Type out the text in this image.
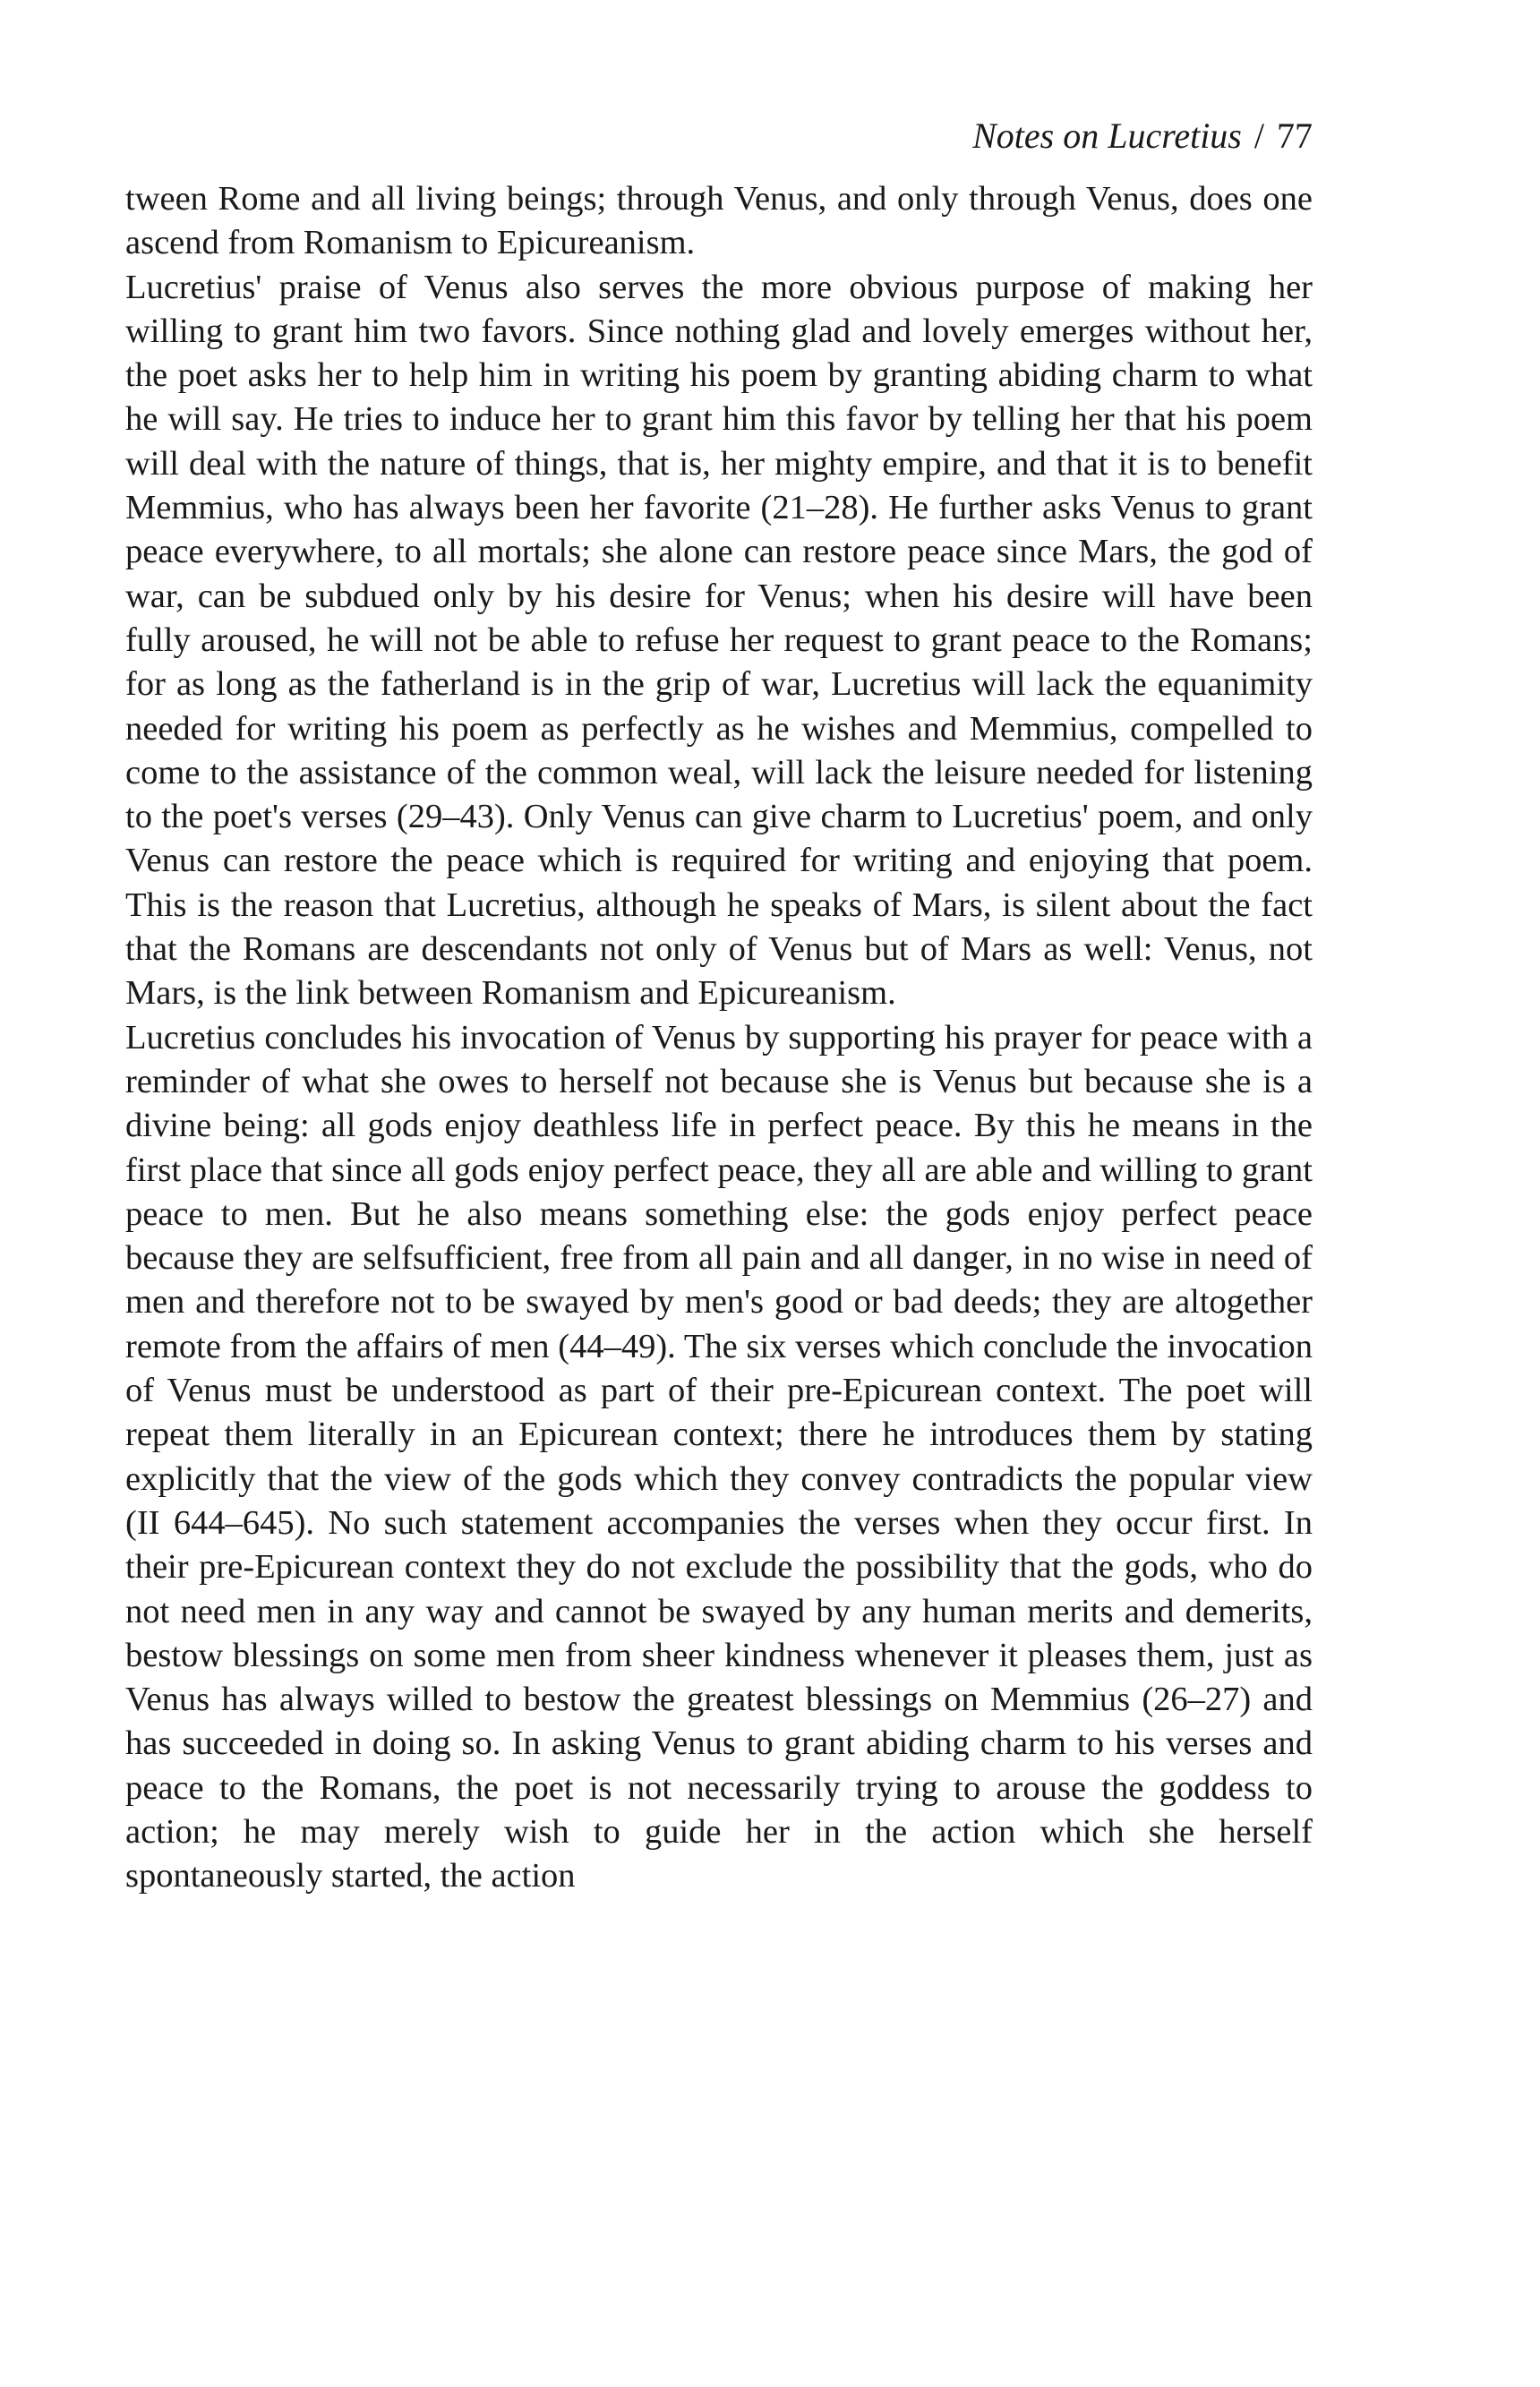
Notes on Lucretius / 77

tween Rome and all living beings; through Venus, and only through Venus, does one ascend from Romanism to Epicureanism.

Lucretius' praise of Venus also serves the more obvious purpose of making her willing to grant him two favors. Since nothing glad and lovely emerges without her, the poet asks her to help him in writing his poem by granting abiding charm to what he will say. He tries to induce her to grant him this favor by telling her that his poem will deal with the nature of things, that is, her mighty empire, and that it is to benefit Memmius, who has always been her favorite (21–28). He further asks Venus to grant peace everywhere, to all mortals; she alone can restore peace since Mars, the god of war, can be subdued only by his desire for Venus; when his desire will have been fully aroused, he will not be able to refuse her request to grant peace to the Romans; for as long as the fatherland is in the grip of war, Lucretius will lack the equanimity needed for writing his poem as perfectly as he wishes and Memmius, compelled to come to the assistance of the common weal, will lack the leisure needed for listening to the poet's verses (29–43). Only Venus can give charm to Lucretius' poem, and only Venus can restore the peace which is required for writing and enjoying that poem. This is the reason that Lucretius, although he speaks of Mars, is silent about the fact that the Romans are descendants not only of Venus but of Mars as well: Venus, not Mars, is the link between Romanism and Epicureanism.

Lucretius concludes his invocation of Venus by supporting his prayer for peace with a reminder of what she owes to herself not because she is Venus but because she is a divine being: all gods enjoy deathless life in perfect peace. By this he means in the first place that since all gods enjoy perfect peace, they all are able and willing to grant peace to men. But he also means something else: the gods enjoy perfect peace because they are selfsufficient, free from all pain and all danger, in no wise in need of men and therefore not to be swayed by men's good or bad deeds; they are altogether remote from the affairs of men (44–49). The six verses which conclude the invocation of Venus must be understood as part of their pre-Epicurean context. The poet will repeat them literally in an Epicurean context; there he introduces them by stating explicitly that the view of the gods which they convey contradicts the popular view (II 644–645). No such statement accompanies the verses when they occur first. In their pre-Epicurean context they do not exclude the possibility that the gods, who do not need men in any way and cannot be swayed by any human merits and demerits, bestow blessings on some men from sheer kindness whenever it pleases them, just as Venus has always willed to bestow the greatest blessings on Memmius (26–27) and has succeeded in doing so. In asking Venus to grant abiding charm to his verses and peace to the Romans, the poet is not necessarily trying to arouse the goddess to action; he may merely wish to guide her in the action which she herself spontaneously started, the action
